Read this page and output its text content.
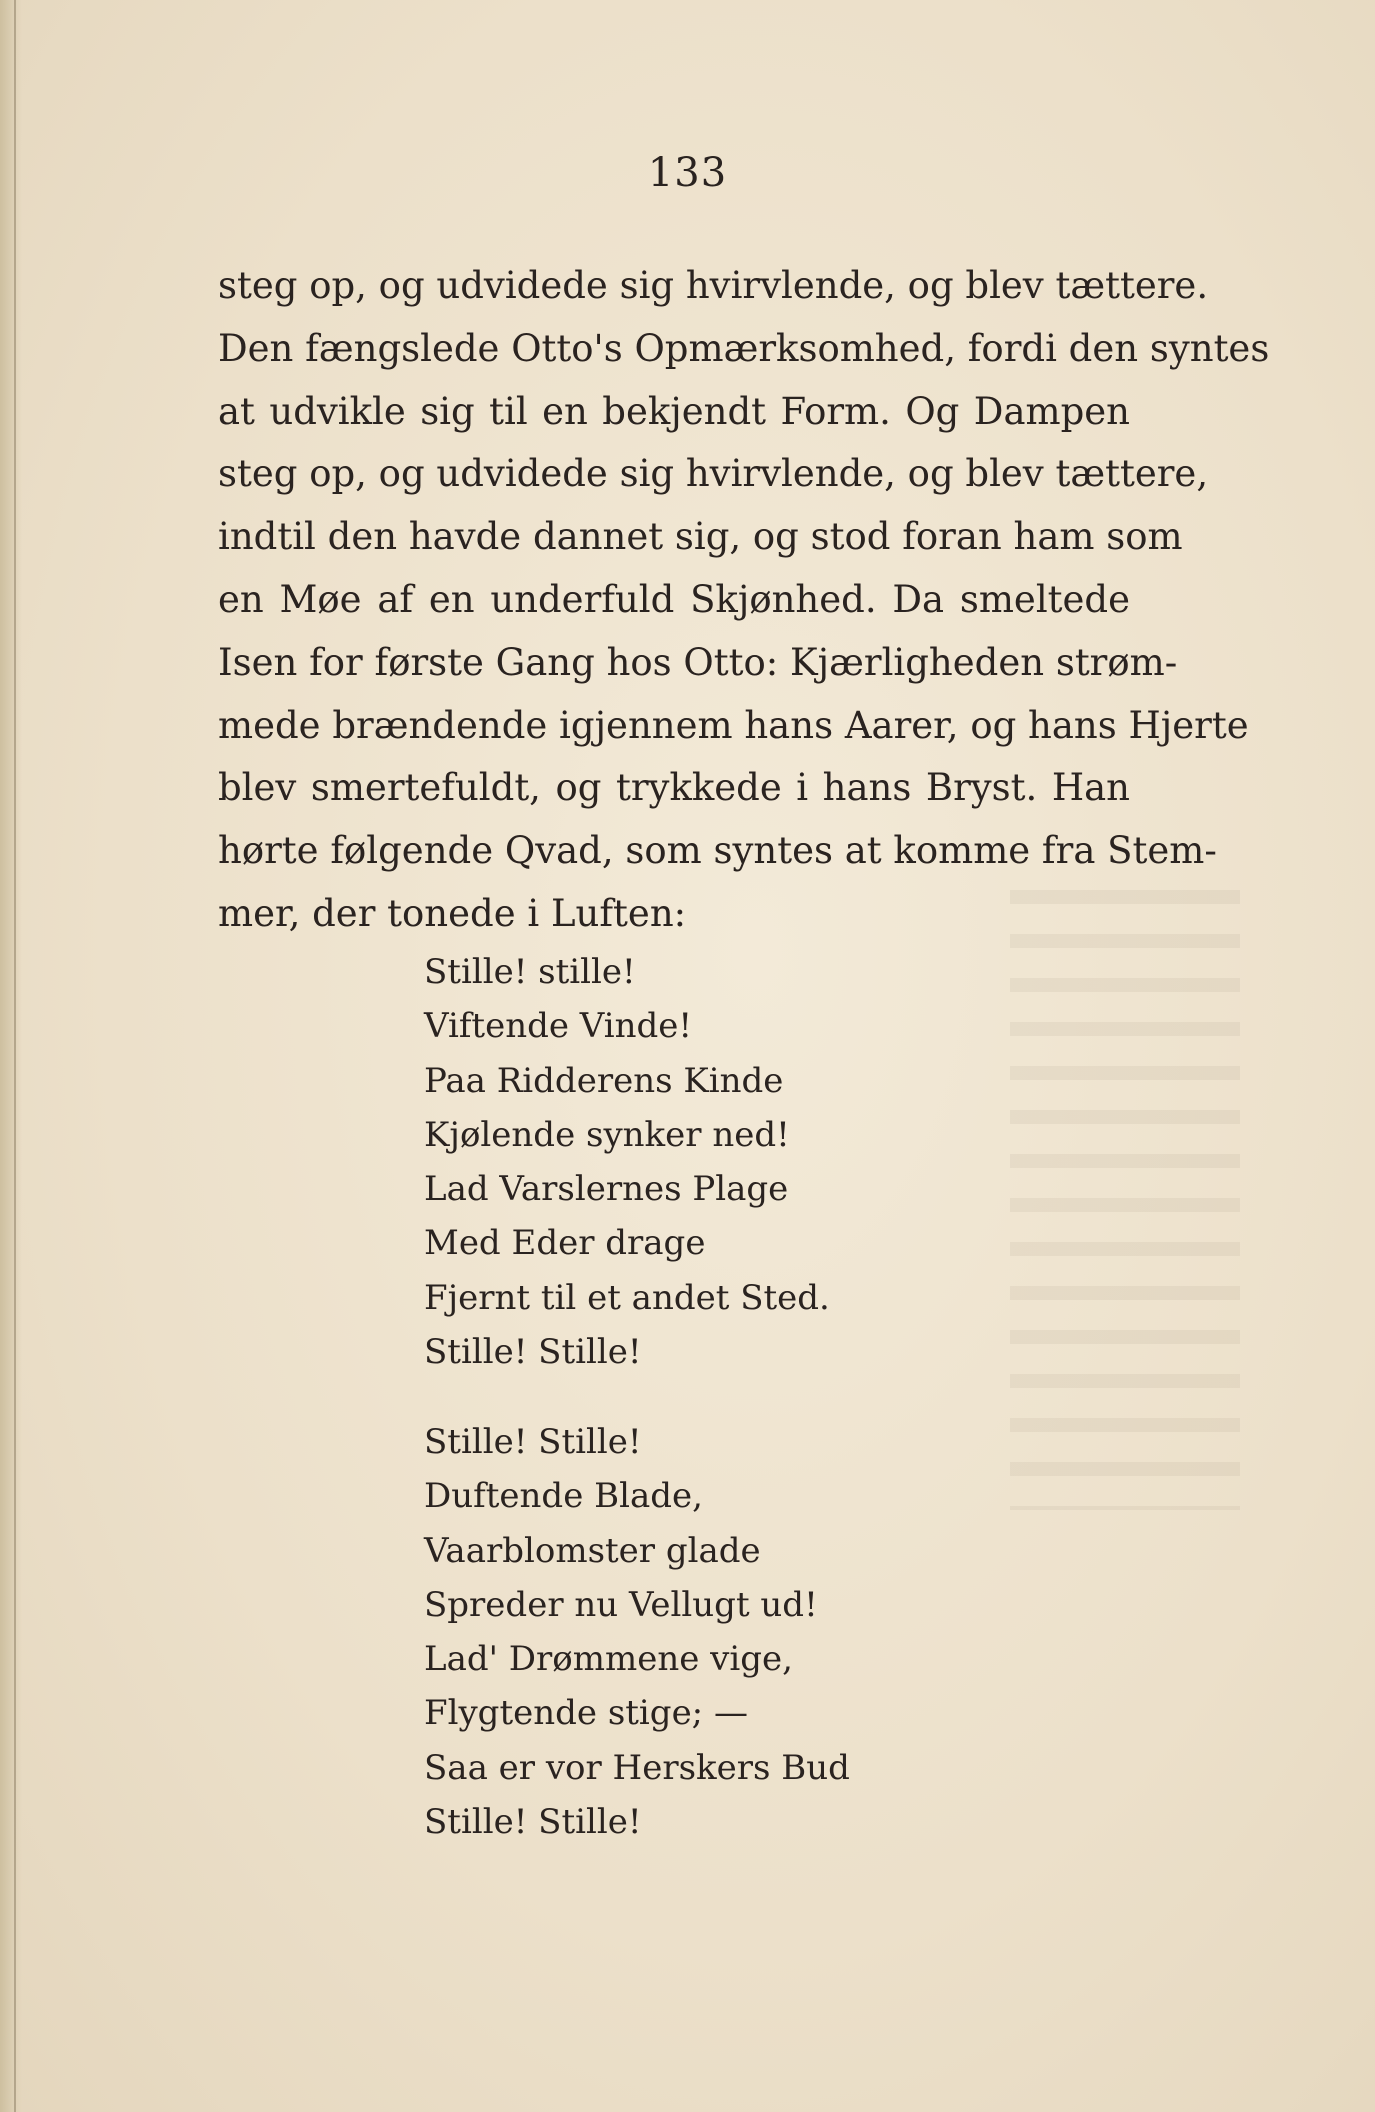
133
steg op, og udvidede sig hvirvlende, og blev tættere.
Den fængslede Otto's Opmærksomhed, fordi den syntes
at udvikle sig til en bekjendt Form. Og Dampen
steg op, og udvidede sig hvirvlende, og blev tættere,
indtil den havde dannet sig, og stod foran ham som
en Møe af en underfuld Skjønhed. Da smeltede
Isen for første Gang hos Otto: Kjærligheden strøm-
mede brændende igjennem hans Aarer, og hans Hjerte
blev smertefuldt, og trykkede i hans Bryst. Han
hørte følgende Qvad, som syntes at komme fra Stem-
mer, der tonede i Luften:
Stille! stille!
Viftende Vinde!
Paa Ridderens Kinde
Kjølende synker ned!
Lad Varslernes Plage
Med Eder drage
Fjernt til et andet Sted.
Stille! Stille!
Stille! Stille!
Duftende Blade,
Vaarblomster glade
Spreder nu Vellugt ud!
Lad' Drømmene vige,
Flygtende stige; —
Saa er vor Herskers Bud
Stille! Stille!
